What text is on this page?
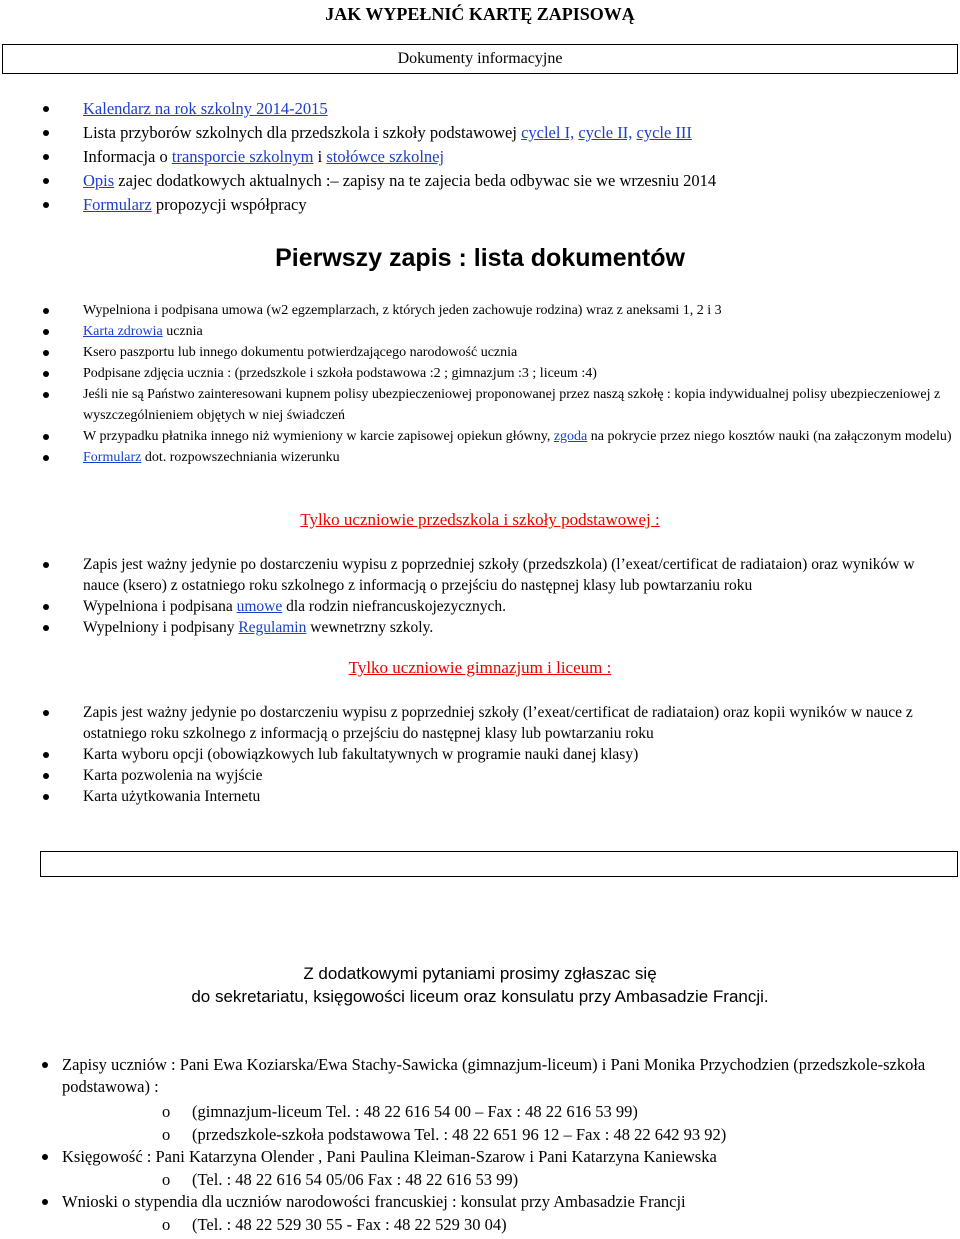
JAK WYPEŁNIĆ KARTĘ ZAPISOWĄ
Dokumenty informacyjne
Kalendarz na rok szkolny 2014-2015
Lista przyborów szkolnych dla przedszkola i szkoły podstawowej cyclel I, cycle II, cycle III
Informacja o transporcie szkolnym i stołówce szkolnej
Opis zajec dodatkowych aktualnych :– zapisy na te zajecia beda odbywac sie we wrzesniu 2014
Formularz propozycji współpracy
Pierwszy zapis : lista dokumentów
Wypelniona i podpisana umowa (w2 egzemplarzach, z których jeden zachowuje rodzina) wraz z aneksami 1, 2 i 3
Karta zdrowia ucznia
Ksero paszportu lub innego dokumentu potwierdzającego narodowość ucznia
Podpisane zdjęcia ucznia : (przedszkole i szkoła podstawowa :2 ; gimnazjum :3 ; liceum :4)
Jeśli nie są Państwo zainteresowani kupnem polisy ubezpieczeniowej proponowanej przez naszą szkołę : kopia indywidualnej polisy ubezpieczeniowej z wyszczególnieniem objętych w niej świadczeń
W przypadku płatnika innego niż wymieniony w karcie zapisowej opiekun główny, zgoda na pokrycie przez niego kosztów nauki (na załączonym modelu)
Formularz dot. rozpowszechniania wizerunku
Tylko uczniowie przedszkola i szkoły podstawowej :
Zapis jest ważny jedynie po dostarczeniu wypisu z poprzedniej szkoły (przedszkola) (l’exeat/certificat de radiataion) oraz wyników w nauce (ksero) z ostatniego roku szkolnego z informacją o przejściu do następnej klasy lub powtarzaniu roku
Wypelniona i podpisana umowe dla rodzin niefrancuskojezycznych.
Wypelniony i podpisany Regulamin wewnetrzny szkoly.
Tylko uczniowie gimnazjum i liceum :
Zapis jest ważny jedynie po dostarczeniu wypisu z poprzedniej szkoły (l’exeat/certificat de radiataion) oraz kopii wyników w nauce z ostatniego roku szkolnego z informacją o przejściu do następnej klasy lub powtarzaniu roku
Karta wyboru opcji (obowiązkowych lub fakultatywnych w programie nauki danej klasy)
Karta pozwolenia na wyjście
Karta użytkowania Internetu
Z dodatkowymi pytaniami prosimy zgłaszac się
do sekretariatu, księgowości liceum oraz konsulatu przy Ambasadzie Francji.
Zapisy uczniów : Pani Ewa Koziarska/Ewa Stachy-Sawicka (gimnazjum-liceum) i Pani Monika Przychodzien (przedszkole-szkoła podstawowa) :
o (gimnazjum-liceum Tel. : 48 22 616 54 00 – Fax : 48 22 616 53 99)
o (przedszkole-szkoła podstawowa Tel. : 48 22 651 96 12 – Fax : 48 22 642 93 92)
Księgowość : Pani Katarzyna Olender , Pani Paulina Kleiman-Szarow i Pani Katarzyna Kaniewska
o (Tel. : 48 22 616 54 05/06 Fax : 48 22 616 53 99)
Wnioski o stypendia dla uczniów narodowości francuskiej : konsulat przy Ambasadzie Francji
o (Tel. : 48 22 529 30 55 - Fax : 48 22 529 30 04)
